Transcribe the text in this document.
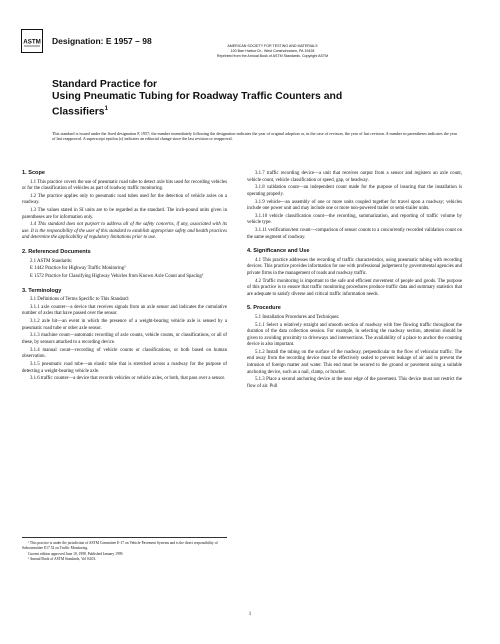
ASTM Designation: E 1957 – 98	AMERICAN SOCIETY FOR TESTING AND MATERIALS
100 Barr Harbor Dr., West Conshohocken, PA 19428
Reprinted from the Annual Book of ASTM Standards. Copyright ASTM
Standard Practice for
Using Pneumatic Tubing for Roadway Traffic Counters and
Classifiers$^1$
This standard is issued under the fixed designation E 1957; the number immediately following the designation indicates the year of original adoption or, in the case of revision, the year of last revision. A number in parentheses indicates the year of last reapproval. A superscript epsilon (ε) indicates an editorial change since the last revision or reapproval.
1. Scope

1.1 This practice covers the use of pneumatic road tube to detect axle hits used for recording vehicles or for the classification of vehicles as part of roadway traffic monitoring.

1.2 The practice applies only to pneumatic road tubes used for the detection of vehicle axles on a roadway.

1.3 The values stated in SI units are to be regarded as the standard. The inch-pound units given in parentheses are for information only.

1.4 This standard does not purport to address all of the safety concerns, if any, associated with its use. It is the responsibility of the user of this standard to establish appropriate safety and health practices and determine the applicability of regulatory limitations prior to use.

2. Referenced Documents

2.1 ASTM Standards:

E 1442 Practice for Highway Traffic Monitoring²

E 1572 Practice for Classifying Highway Vehicles from Known Axle Count and Spacing²

3. Terminology

3.1 Definitions of Terms Specific to This Standard:

3.1.1 axle counter—a device that receives signals from an axle sensor and indicates the cumulative number of axles that have passed over the sensor.

3.1.2 axle hit—an event in which the presence of a weight-bearing vehicle axle is sensed by a pneumatic road tube or other axle sensor.

3.1.3 machine count—automatic recording of axle counts, vehicle counts, or classifications, or all of these, by sensors attached to a recording device.

3.1.4 manual count—recording of vehicle counts or classifications, or both based on human observation.

3.1.5 pneumatic road tube—an elastic tube that is stretched across a roadway for the purpose of detecting a weight-bearing vehicle axle.

3.1.6 traffic counter—a device that records vehicles or vehicle axles, or both, that pass over a sensor.

¹ This practice is under the jurisdiction of ASTM Committee E-17 on Vehicle-Pavement Systems and is the direct responsibility of Subcommittee E17.52 on Traffic Monitoring.

Current edition approved June 10, 1998. Published January 1999.

² Annual Book of ASTM Standards, Vol 04.03.

3.1.7 traffic recording device—a unit that receives output from a sensor and registers an axle count, vehicle count, vehicle classification or speed, gap, or headway.

3.1.8 validation count—an independent count made for the purpose of insuring that the installation is operating properly.

3.1.9 vehicle—an assembly of one or more units coupled together for travel upon a roadway; vehicles include one power unit and may include one or more non-powered trailer or semi-trailer units.

3.1.10 vehicle classification count—the recording, summarization, and reporting of traffic volume by vehicle type.

3.1.11 verification/test count—comparison of sensor counts to a concurrently recorded validation count on the same segment of roadway.

4. Significance and Use

4.1 This practice addresses the recording of traffic characteristics, using pneumatic tubing with recording devices. This practice provides information for use with professional judgement by governmental agencies and private firms in the management of roads and roadway traffic.

4.2 Traffic monitoring is important to the safe and efficient movement of people and goods. The purpose of this practice is to ensure that traffic monitoring procedures produce traffic data and summary statistics that are adequate to satisfy diverse and critical traffic information needs.

5. Procedure

5.1 Installation Procedures and Techniques:

5.1.1 Select a relatively straight and smooth section of roadway with free flowing traffic throughout the duration of the data collection session. For example, in selecting the roadway section, attention should be given to avoiding proximity to driveways and intersections. The availability of a place to anchor the counting device is also important.

5.1.2 Install the tubing on the surface of the roadway, perpendicular to the flow of vehicular traffic. The end away from the recording device must be effectively sealed to prevent leakage of air and to prevent the intrusion of foreign matter and water. This end must be secured to the ground or pavement using a suitable anchoring device, such as a nail, clamp, or bracket.

5.1.3 Place a second anchoring device at the near edge of the pavement. This device must not restrict the flow of air. Pull

1
